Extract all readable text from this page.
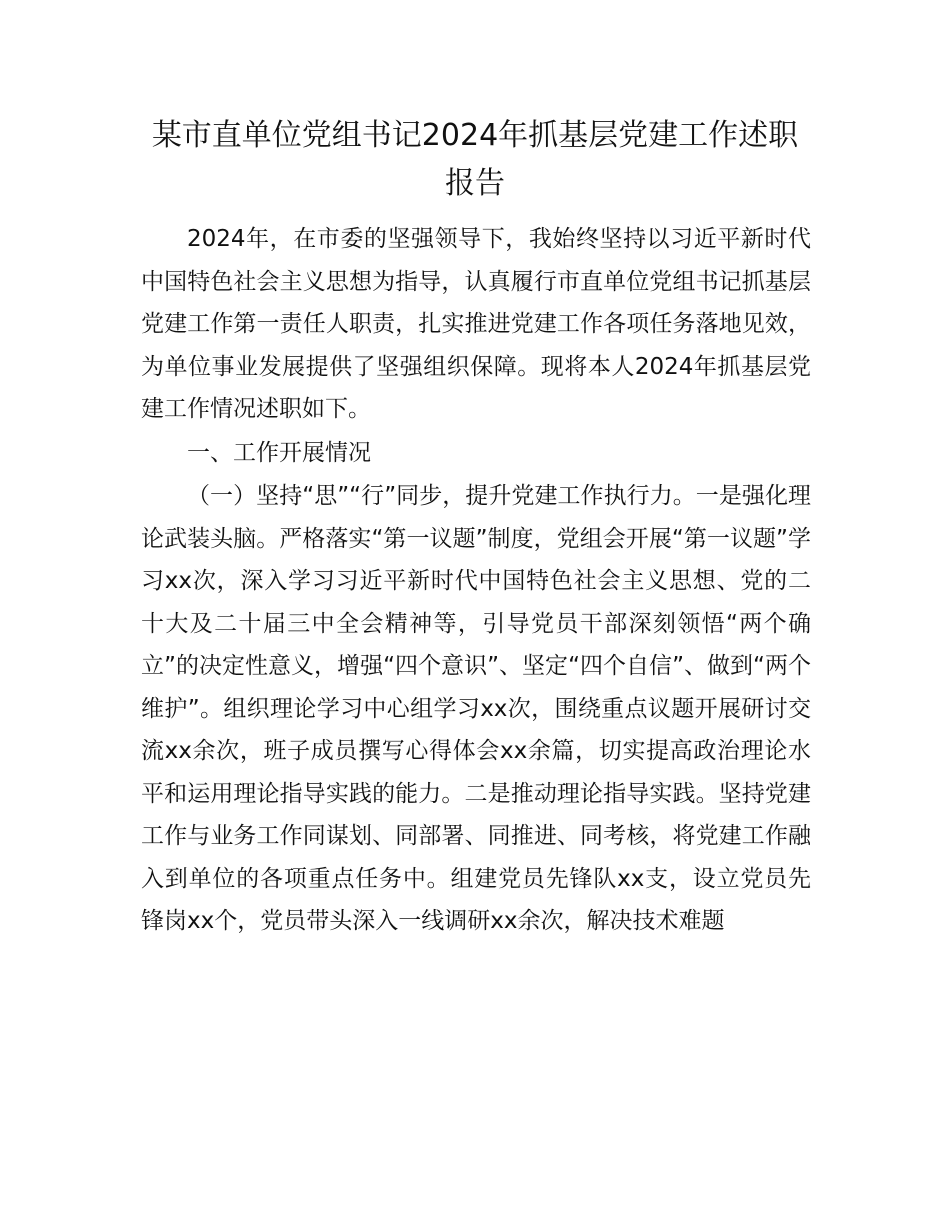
某市直单位党组书记2024年抓基层党建工作述职报告

2024年，在市委的坚强领导下，我始终坚持以习近平新时代中国特色社会主义思想为指导，认真履行市直单位党组书记抓基层党建工作第一责任人职责，扎实推进党建工作各项任务落地见效，为单位事业发展提供了坚强组织保障。现将本人2024年抓基层党建工作情况述职如下。

一、工作开展情况

（一）坚持“思”“行”同步，提升党建工作执行力。一是强化理论武装头脑。严格落实“第一议题”制度，党组会开展“第一议题”学习xx次，深入学习习近平新时代中国特色社会主义思想、党的二十大及二十届三中全会精神等，引导党员干部深刻领悟“两个确立”的决定性意义，增强“四个意识”、坚定“四个自信”、做到“两个维护”。组织理论学习中心组学习xx次，围绕重点议题开展研讨交流xx余次，班子成员撰写心得体会xx余篇，切实提高政治理论水平和运用理论指导实践的能力。二是推动理论指导实践。坚持党建工作与业务工作同谋划、同部署、同推进、同考核，将党建工作融入到单位的各项重点任务中。组建党员先锋队xx支，设立党员先锋岗xx个，党员带头深入一线调研xx余次，解决技术难题
